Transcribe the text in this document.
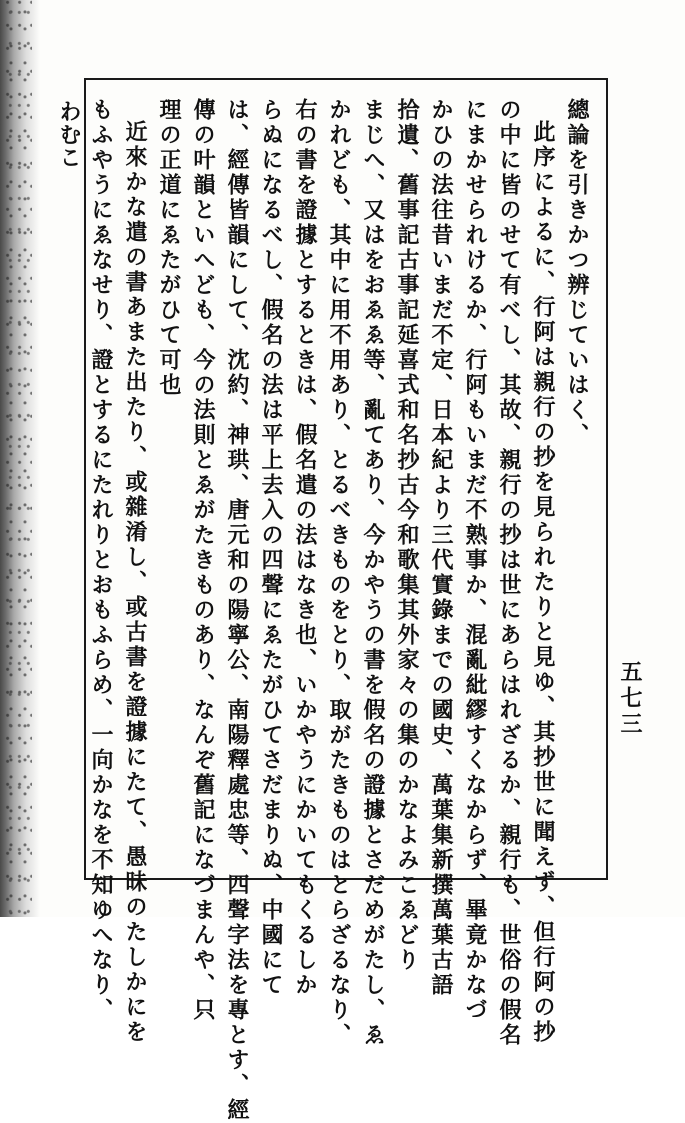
わむこ	總論を引きかつ辨じていはく、
此序によるに、行阿は親行の抄を見られたりと見ゆ、其抄世に聞えず、但行阿の抄
の中に皆のせて有べし、其故、親行の抄は世にあらはれざるか、親行も、世俗の假名
にまかせられけるか、行阿もいまだ不熟事か、混亂紕繆すくなからず、畢竟かなづ
かひの法往昔いまだ不定、日本紀より三代實錄までの國史、萬葉集新撰萬葉古語
拾遺、舊事記古事記延喜式和名抄古今和歌集其外家々の集のかなよみこゑどり
まじへ、又はをおゑゑ等、亂てあり、今かやうの書を假名の證據とさだめがたし、ゑ
かれども、其中に用不用あり、とるべきものをとり、取がたきものはとらざるなり、
右の書を證據とするときは、假名遣の法はなき也、いかやうにかいてもくるしか
らぬになるべし、假名の法は平上去入の四聲にゑたがひてさだまりぬ、中國にて
は、經傳皆韻にして、沈約、神珙、唐元和の陽寧公、南陽釋處忠等、四聲字法を專とす、經
傳の叶韻といへども、今の法則とゑがたきものあり、なんぞ舊記になづまんや、只
理の正道にゑたがひて可也
近來かな遣の書あまた出たり、或雜淆し、或古書を證據にたて、愚昧のたしかにを
もふやうにゑなせり、證とするにたれりとおもふらめ、一向かなを不知ゆへなり、	五七三
